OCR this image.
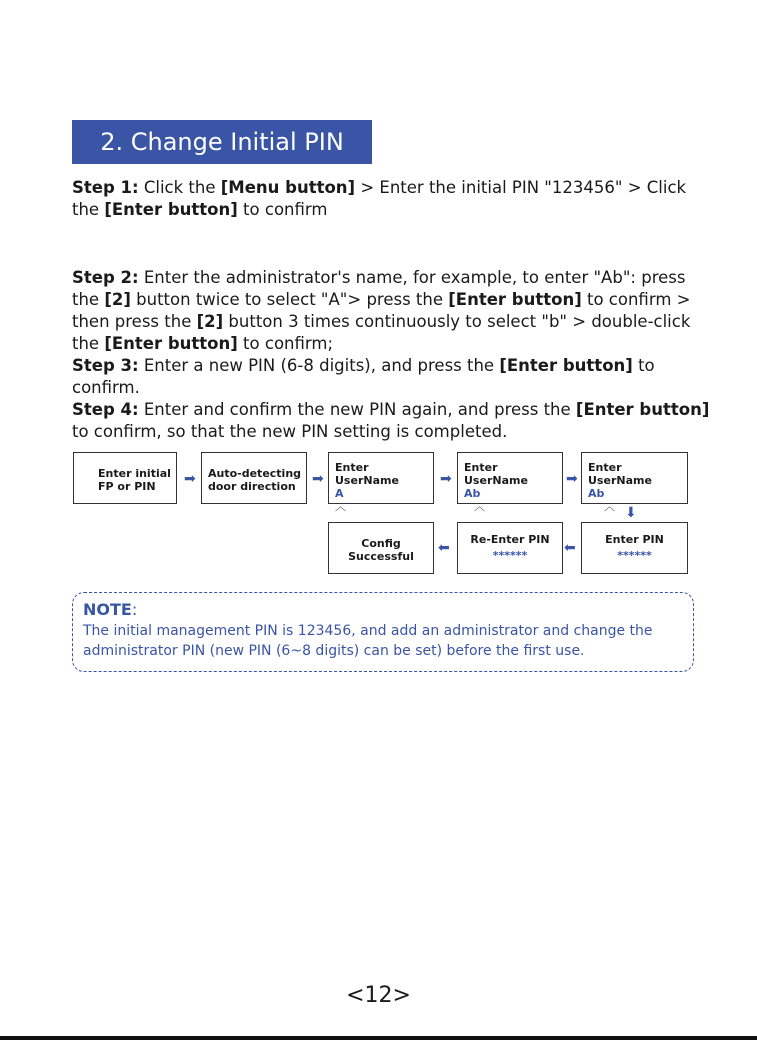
2. Change Initial PIN

Step 1: Click the [Menu button] > Enter the initial PIN "123456" > Click the [Enter button] to confirm

Step 2: Enter the administrator's name, for example, to enter "Ab": press the [2] button twice to select "A"> press the [Enter button] to confirm > then press the [2] button 3 times continuously to select "b" > double-click the [Enter button] to confirm;

Step 3: Enter a new PIN (6-8 digits), and press the [Enter button] to confirm.

Step 4: Enter and confirm the new PIN again, and press the [Enter button] to confirm, so that the new PIN setting is completed.

Enter initial
FP or PIN	➡ Auto-detecting
door direction	➡
Enter UserName
A
︿
➡
Enter UserName
Ab
︿
➡
Enter UserName
Ab
︿ ⬇
Enter PIN
******
⬅
Re-Enter PIN
******
⬅
Config
Successful
NOTE:
The initial management PIN is 123456, and add an administrator and change the administrator PIN (new PIN (6~8 digits) can be set) before the first use.
<12>
